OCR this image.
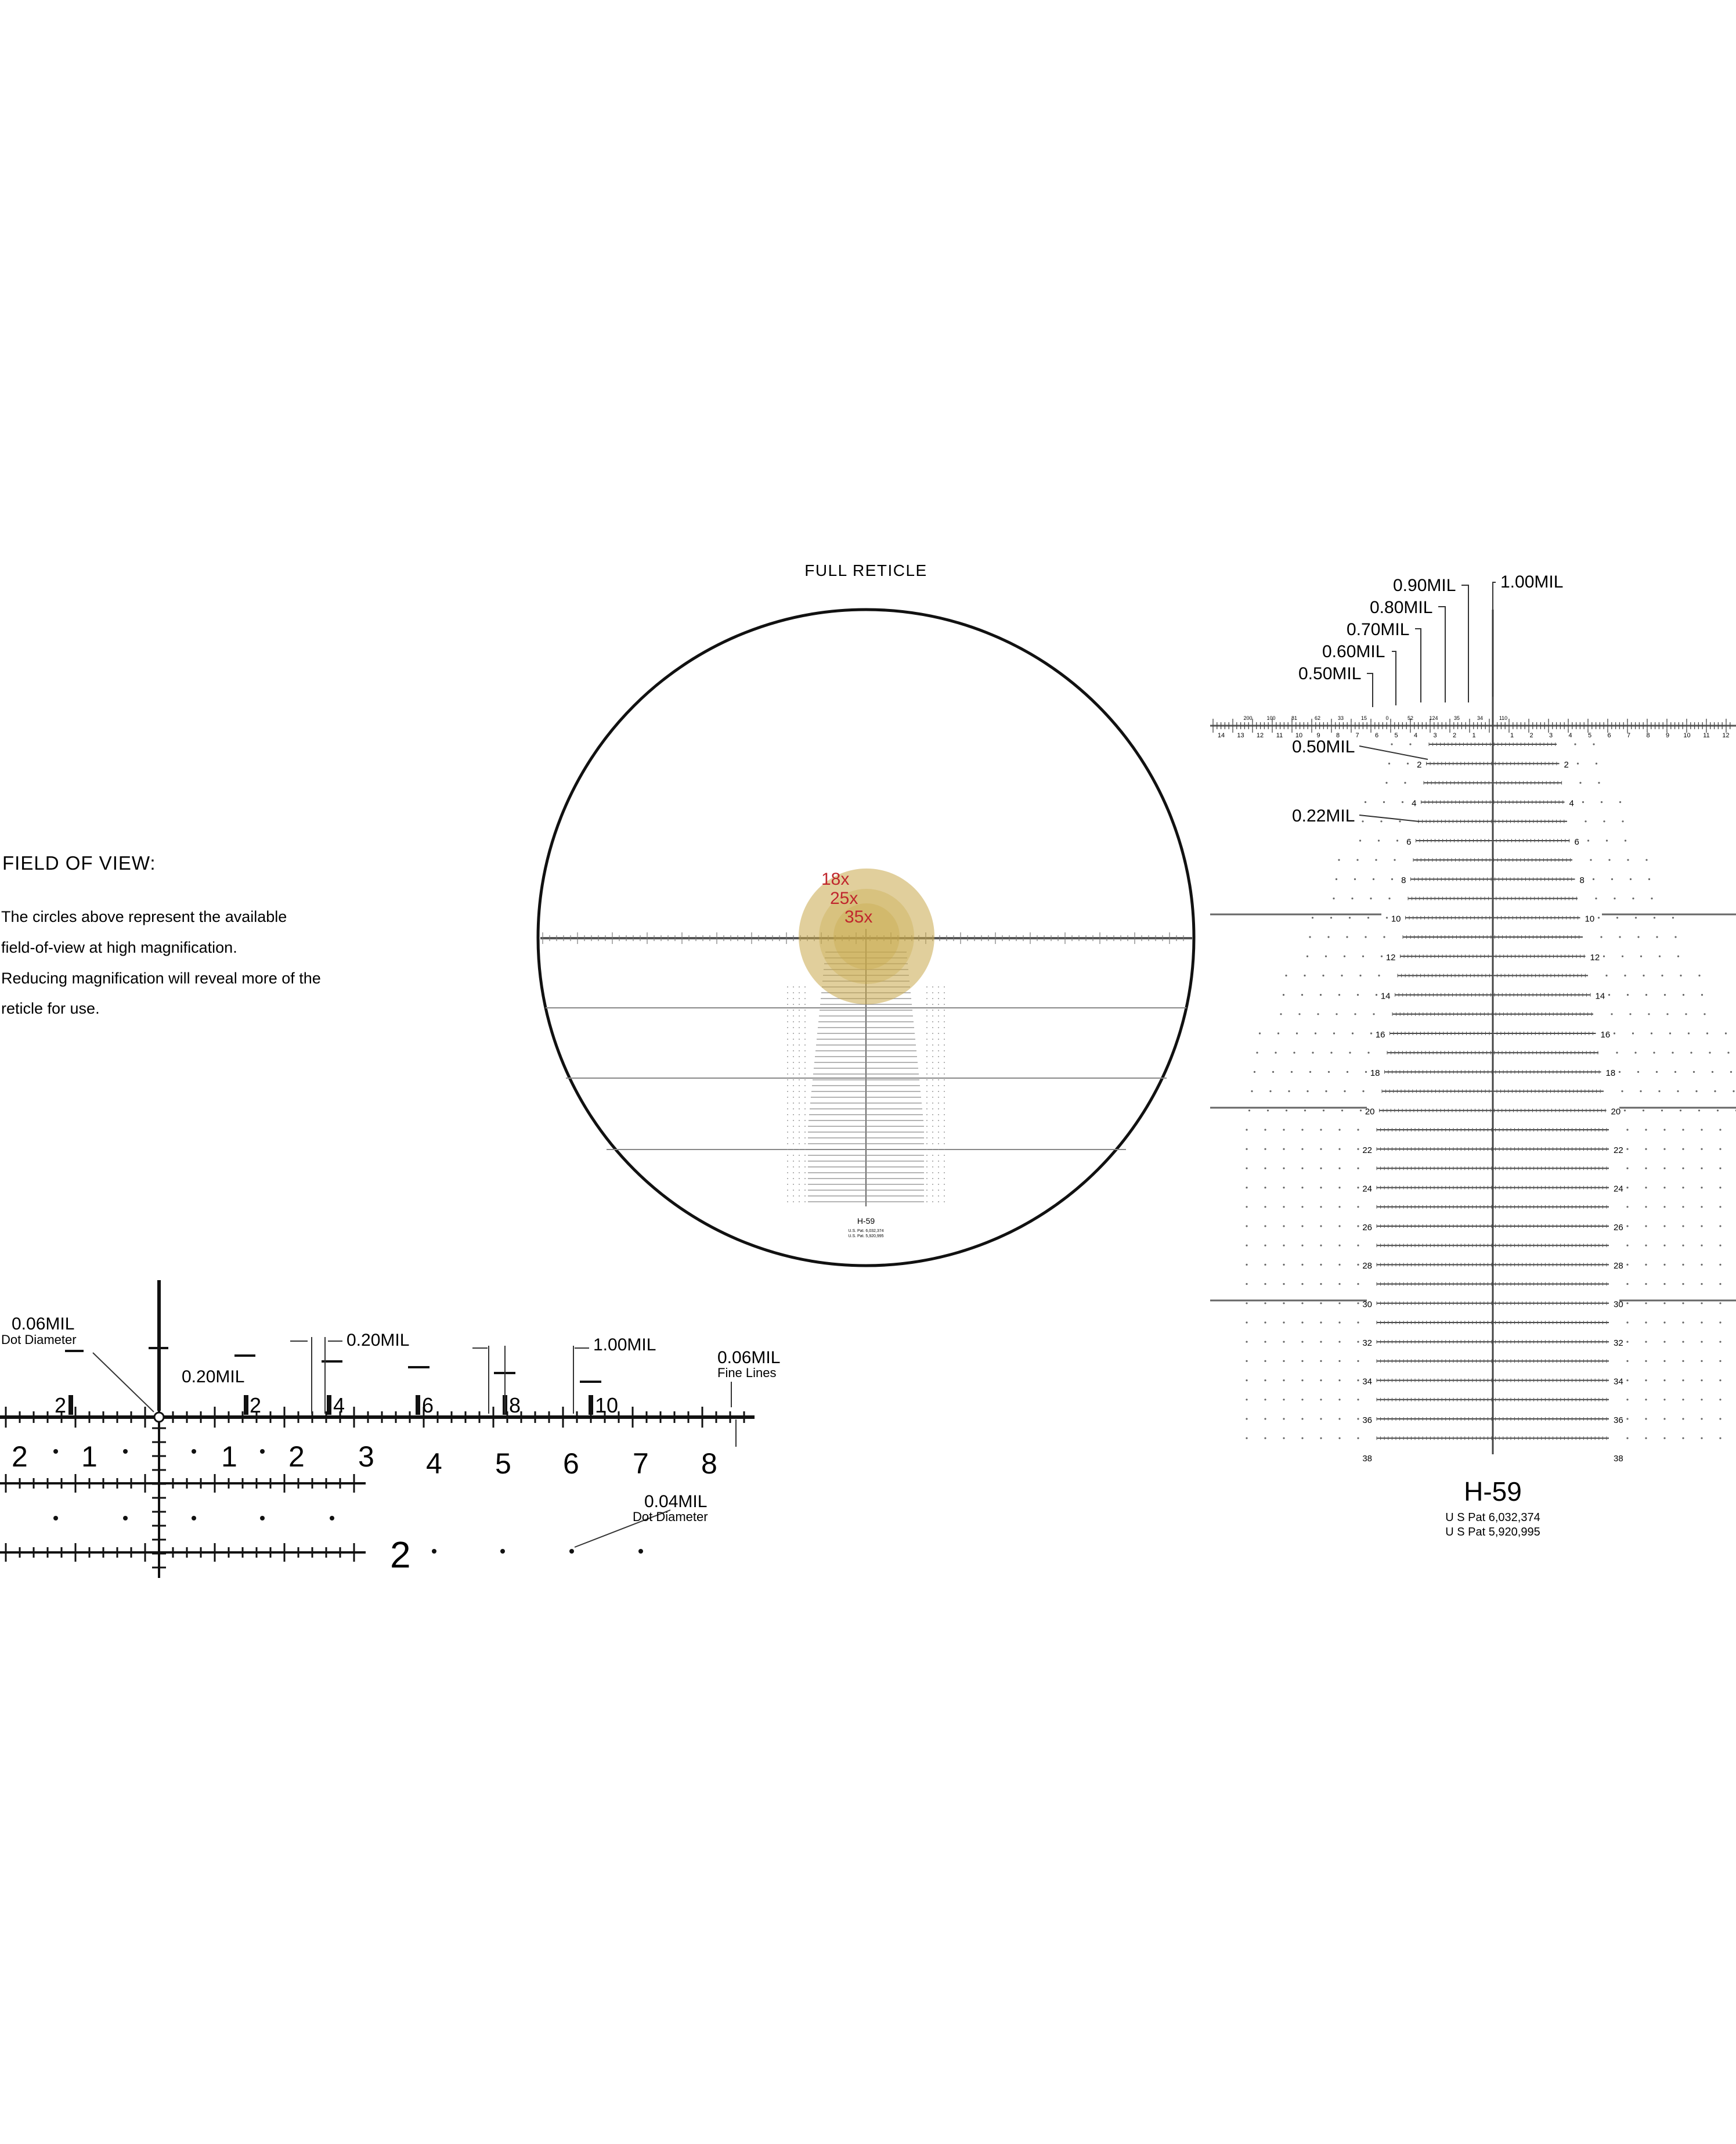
FULL RETICLE
18x
25x
35x
H-59
U.S. Pat. 6,032,374
U.S. Pat. 5,920,995
FIELD OF VIEW:
The circles above represent the available
field-of-view at high magnification.
Reducing magnification will reveal more of the
reticle for use.
2	2	4	6	8	10
2 1	1 2 3 4 5 6 7 8
2
0.06MIL
Dot Diameter
0.20MIL
0.20MIL	1.00MIL
0.06MIL
Fine Lines
0.04MIL
Dot Diameter
14 13 12 11 10 9 8 7 6 5 4 3 2 1	1 2 3 4 5 6 7 8 9 10 11 12
200	100	81	62	33	15	0	52	124	35	34	110
2	2
4	4
6	6
8	8
10	10
12	12
14	14
16	16
18	18
20	20
22	22
24	24
26	26
28	28
30	30
32	32
34	34
36	36
38	38
1.00MIL
0.90MIL
0.80MIL
0.70MIL
0.60MIL
0.50MIL
0.50MIL
0.22MIL
H-59
U S Pat 6,032,374
U S Pat 5,920,995
